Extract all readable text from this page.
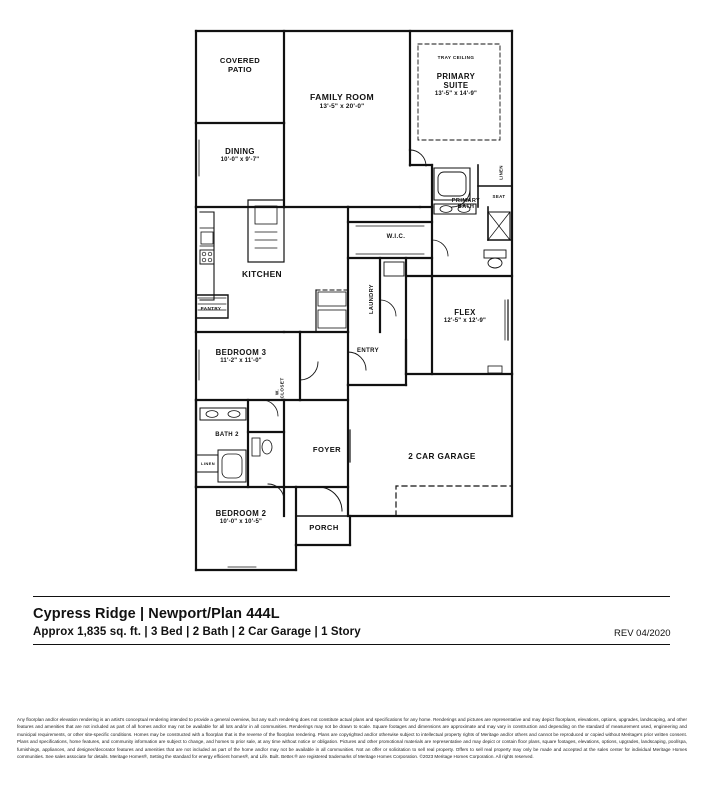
COVERED
PATIO
FAMILY ROOM
13'-5" x 20'-0"
PRIMARY
SUITE
13'-5" x 14'-9"
TRAY CEILING
DINING
10'-0" x 9'-7"
PRIMARY
BATH
SEAT
LINEN
W.I.C.
KITCHEN
PANTRY	LAUNDRY	FLEX
12'-5" x 12'-9"
BEDROOM 3
11'-2" x 11'-0"
ENTRY
W. CLOSET
BATH 2
LINEN
FOYER
2 CAR GARAGE
BEDROOM 2
10'-0" x 10'-5"
PORCH
Cypress Ridge | Newport/Plan 444L
Approx 1,835 sq. ft. | 3 Bed | 2 Bath | 2 Car Garage | 1 Story	REV 04/2020
Any floorplan and/or elevation rendering is an artist's conceptual rendering intended to provide a general overview, but any such rendering does not constitute actual plans and specifications for any home. Renderings and pictures are representative and may depict floorplans, elevations, options, upgrades, landscaping, and other features and amenities that are not included as part of all homes and/or may not be available for all lots and/or in all communities. Renderings may not be drawn to scale. Square footages and dimensions are approximate and may vary in construction and depending on the standard of measurement used, engineering and municipal requirements, or other site-specific conditions. Homes may be constructed with a floorplan that is the reverse of the floorplan rendering. Plans are copyrighted and/or otherwise subject to intellectual property rights of Meritage and/or others and cannot be reproduced or copied without Meritage's prior written consent. Plans and specifications, home features, and community information are subject to change, and homes to prior sale, at any time without notice or obligation. Pictures and other promotional materials are representative and may depict or contain floor plans, square footages, elevations, options, upgrades, landscaping, pool/spa, furnishings, appliances, and designer/decorator features and amenities that are not included as part of the home and/or may not be available in all communities. Not an offer or solicitation to sell real property. Offers to sell real property may only be made and accepted at the sales center for individual Meritage Homes communities. See sales associate for details. Meritage Homes®, Setting the standard for energy efficient homes®, and Life. Built. Better.® are registered trademarks of Meritage Homes Corporation. ©2023 Meritage Homes Corporation. All rights reserved.
